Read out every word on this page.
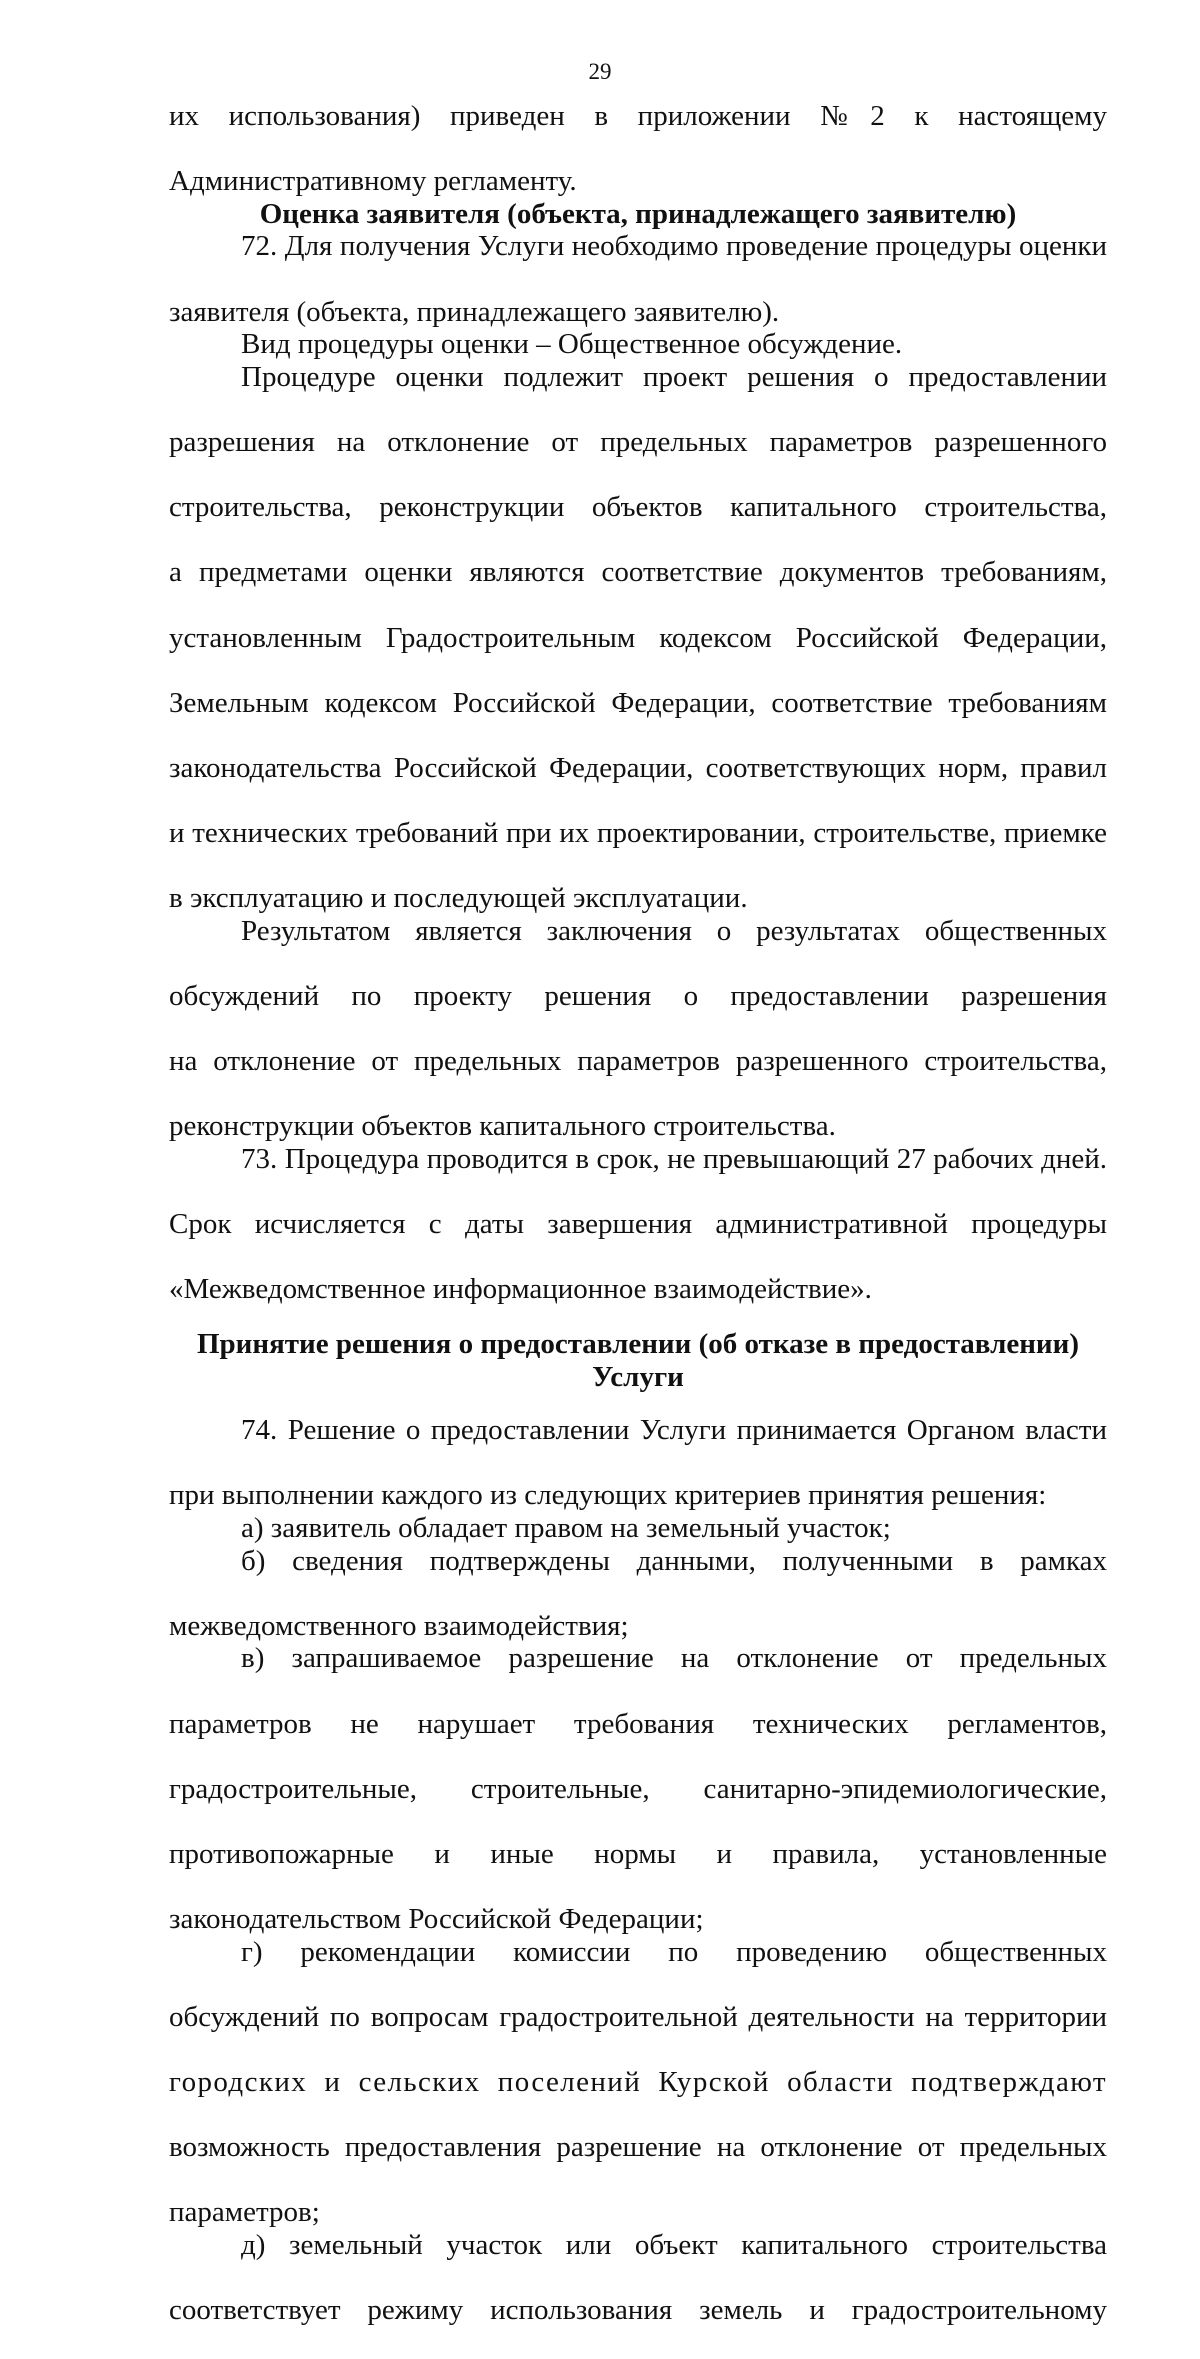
29

их использования) приведен в приложении №2 к настоящему

Административному регламенту.

Оценка заявителя (объекта, принадлежащего заявителю)

72. Для получения Услуги необходимо проведение процедуры оценки

заявителя (объекта, принадлежащего заявителю).

Вид процедуры оценки – Общественное обсуждение.

Процедуре оценки подлежит проект решения о предоставлении

разрешения на отклонение от предельных параметров разрешенного

строительства, реконструкции объектов капитального строительства,

а предметами оценки являются соответствие документов требованиям,

установленным Градостроительным кодексом Российской Федерации,

Земельным кодексом Российской Федерации, соответствие требованиям

законодательства Российской Федерации, соответствующих норм, правил

и технических требований при их проектировании, строительстве, приемке

в эксплуатацию и последующей эксплуатации.

Результатом является заключения о результатах общественных

обсуждений по проекту решения о предоставлении разрешения

на отклонение от предельных параметров разрешенного строительства,

реконструкции объектов капитального строительства.

73. Процедура проводится в срок, не превышающий 27 рабочих дней.

Срок исчисляется с даты завершения административной процедуры

«Межведомственное информационное взаимодействие».

Принятие решения о предоставлении (об отказе в предоставлении)

Услуги

74. Решение о предоставлении Услуги принимается Органом власти

при выполнении каждого из следующих критериев принятия решения:

а) заявитель обладает правом на земельный участок;

б) сведения подтверждены данными, полученными в рамках

межведомственного взаимодействия;

в) запрашиваемое разрешение на отклонение от предельных

параметров не нарушает требования технических регламентов,

градостроительные, строительные, санитарно-эпидемиологические,

противопожарные и иные нормы и правила, установленные

законодательством Российской Федерации;

г) рекомендации комиссии по проведению общественных

обсуждений по вопросам градостроительной деятельности на территории

городских и сельских поселений Курской области подтверждают

возможность предоставления разрешение на отклонение от предельных

параметров;

д) земельный участок или объект капитального строительства

соответствует режиму использования земель и градостроительному
